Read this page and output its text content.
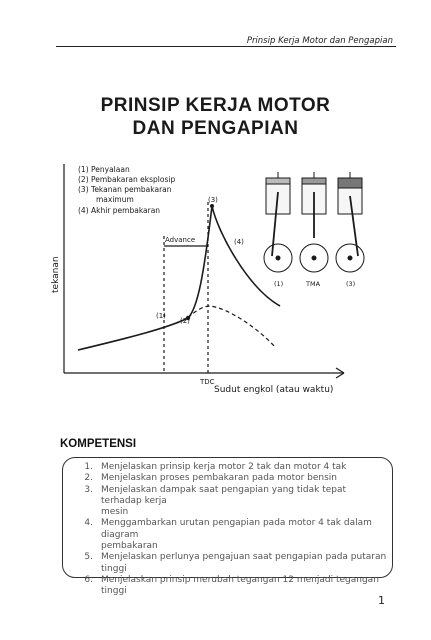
Prinsip Kerja Motor dan Pengapian
PRINSIP KERJA MOTOR
DAN PENGAPIAN
(1) Penyalaan
(2) Pembakaran eksplosip
(3) Tekanan pembakaran
maximum
(4) Akhir pembakaran
(1)
(2)
(3)
(4)
Advance
TDC
tekanan
Sudut engkol (atau waktu)
(1)	TMA	(3)
KOMPETENSI
1. Menjelaskan prinsip kerja motor 2 tak dan motor 4 tak
2. Menjelaskan proses pembakaran pada motor bensin
3. Menjelaskan dampak saat pengapian yang tidak tepat terhadap kerja
mesin
4. Menggambarkan urutan pengapian pada motor 4 tak dalam diagram
pembakaran
5. Menjelaskan perlunya pengajuan saat pengapian pada putaran
tinggi
6. Menjelaskan prinsip merubah tegangan 12 menjadi tegangan tinggi
1
